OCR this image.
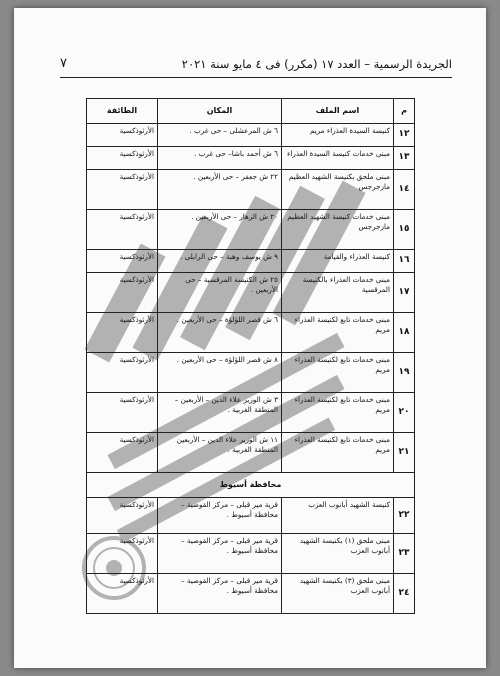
الجريدة الرسمية – العدد ١٧ (مكرر) فى ٤ مايو سنة ٢٠٢١
٧
م	اسم الملف	المكان	الطائفة
١٢	كنيسة السيدة العذراء مريم	٦ ش المرعشلى – حى غرب .	الأرثوذكسية
١٣	مبنى خدمات كنيسة السيدة العذراء	٦ ش أحمد باشا– حى غرب .	الأرثوذكسية
١٤	مبنى ملحق بكنيسة الشهيد العظيم مارجرجس	٢٢ ش جعفر – حى الأربعين .	الأرثوذكسية
١٥	مبنى خدمات كنيسة الشهيد العظيم مارجرجس	٢٠ ش الزهار – حى الأربعين .	الأرثوذكسية
١٦	كنيسة العذراء والقيامة	٩ ش يوسف وهبة – حى الرابلى .	الأرثوذكسية
١٧	مبنى خدمات العذراء بالكنيسة المرقسية	٢٥ ش الكنيسة المرقسية – حى الأربعين .	الأرثوذكسية
١٨	مبنى خدمات تابع لكنيسة العذراء مريم	٦ ش قصر اللؤلؤة – حى الأربعين .	الأرثوذكسية
١٩	مبنى خدمات تابع لكنيسة العذراء مريم	٨ ش قصر اللؤلؤة – حى الأربعين .	الأرثوذكسية
٢٠	مبنى خدمات تابع لكنيسة العذراء مريم	٣ ش الوزير علاء الدين – الأربعين – المنطقة الغربية .	الأرثوذكسية
٢١	مبنى خدمات تابع لكنيسة العذراء مريم	١١ ش الوزير علاء الدين – الأربعين المنطقة الغربية .	الأرثوذكسية
محافظة أسيوط			
٢٢	كنيسة الشهيد أبانوب العزب	قرية مير قبلى – مركز القوصية – محافظة أسيوط .	الأرثوذكسية
٢٣	مبنى ملحق (١) بكنيسة الشهيد أبانوب العزب	قرية مير قبلى – مركز القوصية – محافظة أسيوط .	الأرثوذكسية
٢٤	مبنى ملحق (٣) بكنيسة الشهيد أبانوب العزب	قرية مير قبلى – مركز القوصية – محافظة أسيوط .	الأرثوذكسية
